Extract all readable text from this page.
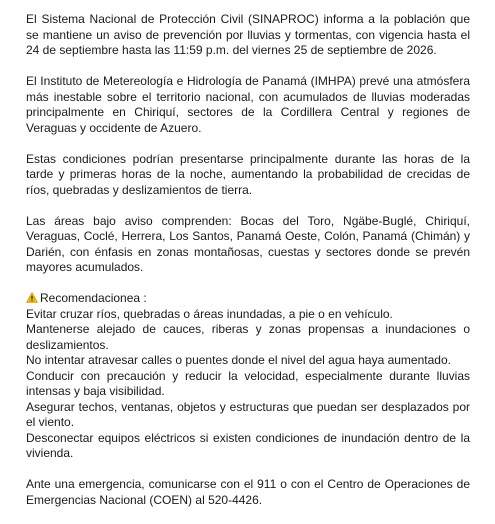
El Sistema Nacional de Protección Civil (SINAPROC) informa a la población que se mantiene un aviso de prevención por lluvias y tormentas, con vigencia hasta el 24 de septiembre hasta las 11:59 p.m. del viernes 25 de septiembre de 2026.

El Instituto de Metereología e Hidrología de Panamá (IMHPA) prevé una atmósfera más inestable sobre el territorio nacional, con acumulados de lluvias moderadas principalmente en Chiriquí, sectores de la Cordillera Central y regiones de Veraguas y occidente de Azuero.

Estas condiciones podrían presentarse principalmente durante las horas de la tarde y primeras horas de la noche, aumentando la probabilidad de crecidas de ríos, quebradas y deslizamientos de tierra.

Las áreas bajo aviso comprenden: Bocas del Toro, Ngäbe-Buglé, Chiriquí, Veraguas, Coclé, Herrera, Los Santos, Panamá Oeste, Colón, Panamá (Chimán) y Darién, con énfasis en zonas montañosas, cuestas y sectores donde se prevén mayores acumulados.

Recomendacionea :
Evitar cruzar ríos, quebradas o áreas inundadas, a pie o en vehículo.
Mantenerse alejado de cauces, riberas y zonas propensas a inundaciones o deslizamientos.
No intentar atravesar calles o puentes donde el nivel del agua haya aumentado.
Conducir con precaución y reducir la velocidad, especialmente durante lluvias intensas y baja visibilidad.
Asegurar techos, ventanas, objetos y estructuras que puedan ser desplazados por el viento.
Desconectar equipos eléctricos si existen condiciones de inundación dentro de la vivienda.

Ante una emergencia, comunicarse con el 911 o con el Centro de Operaciones de Emergencias Nacional (COEN) al 520-4426.
